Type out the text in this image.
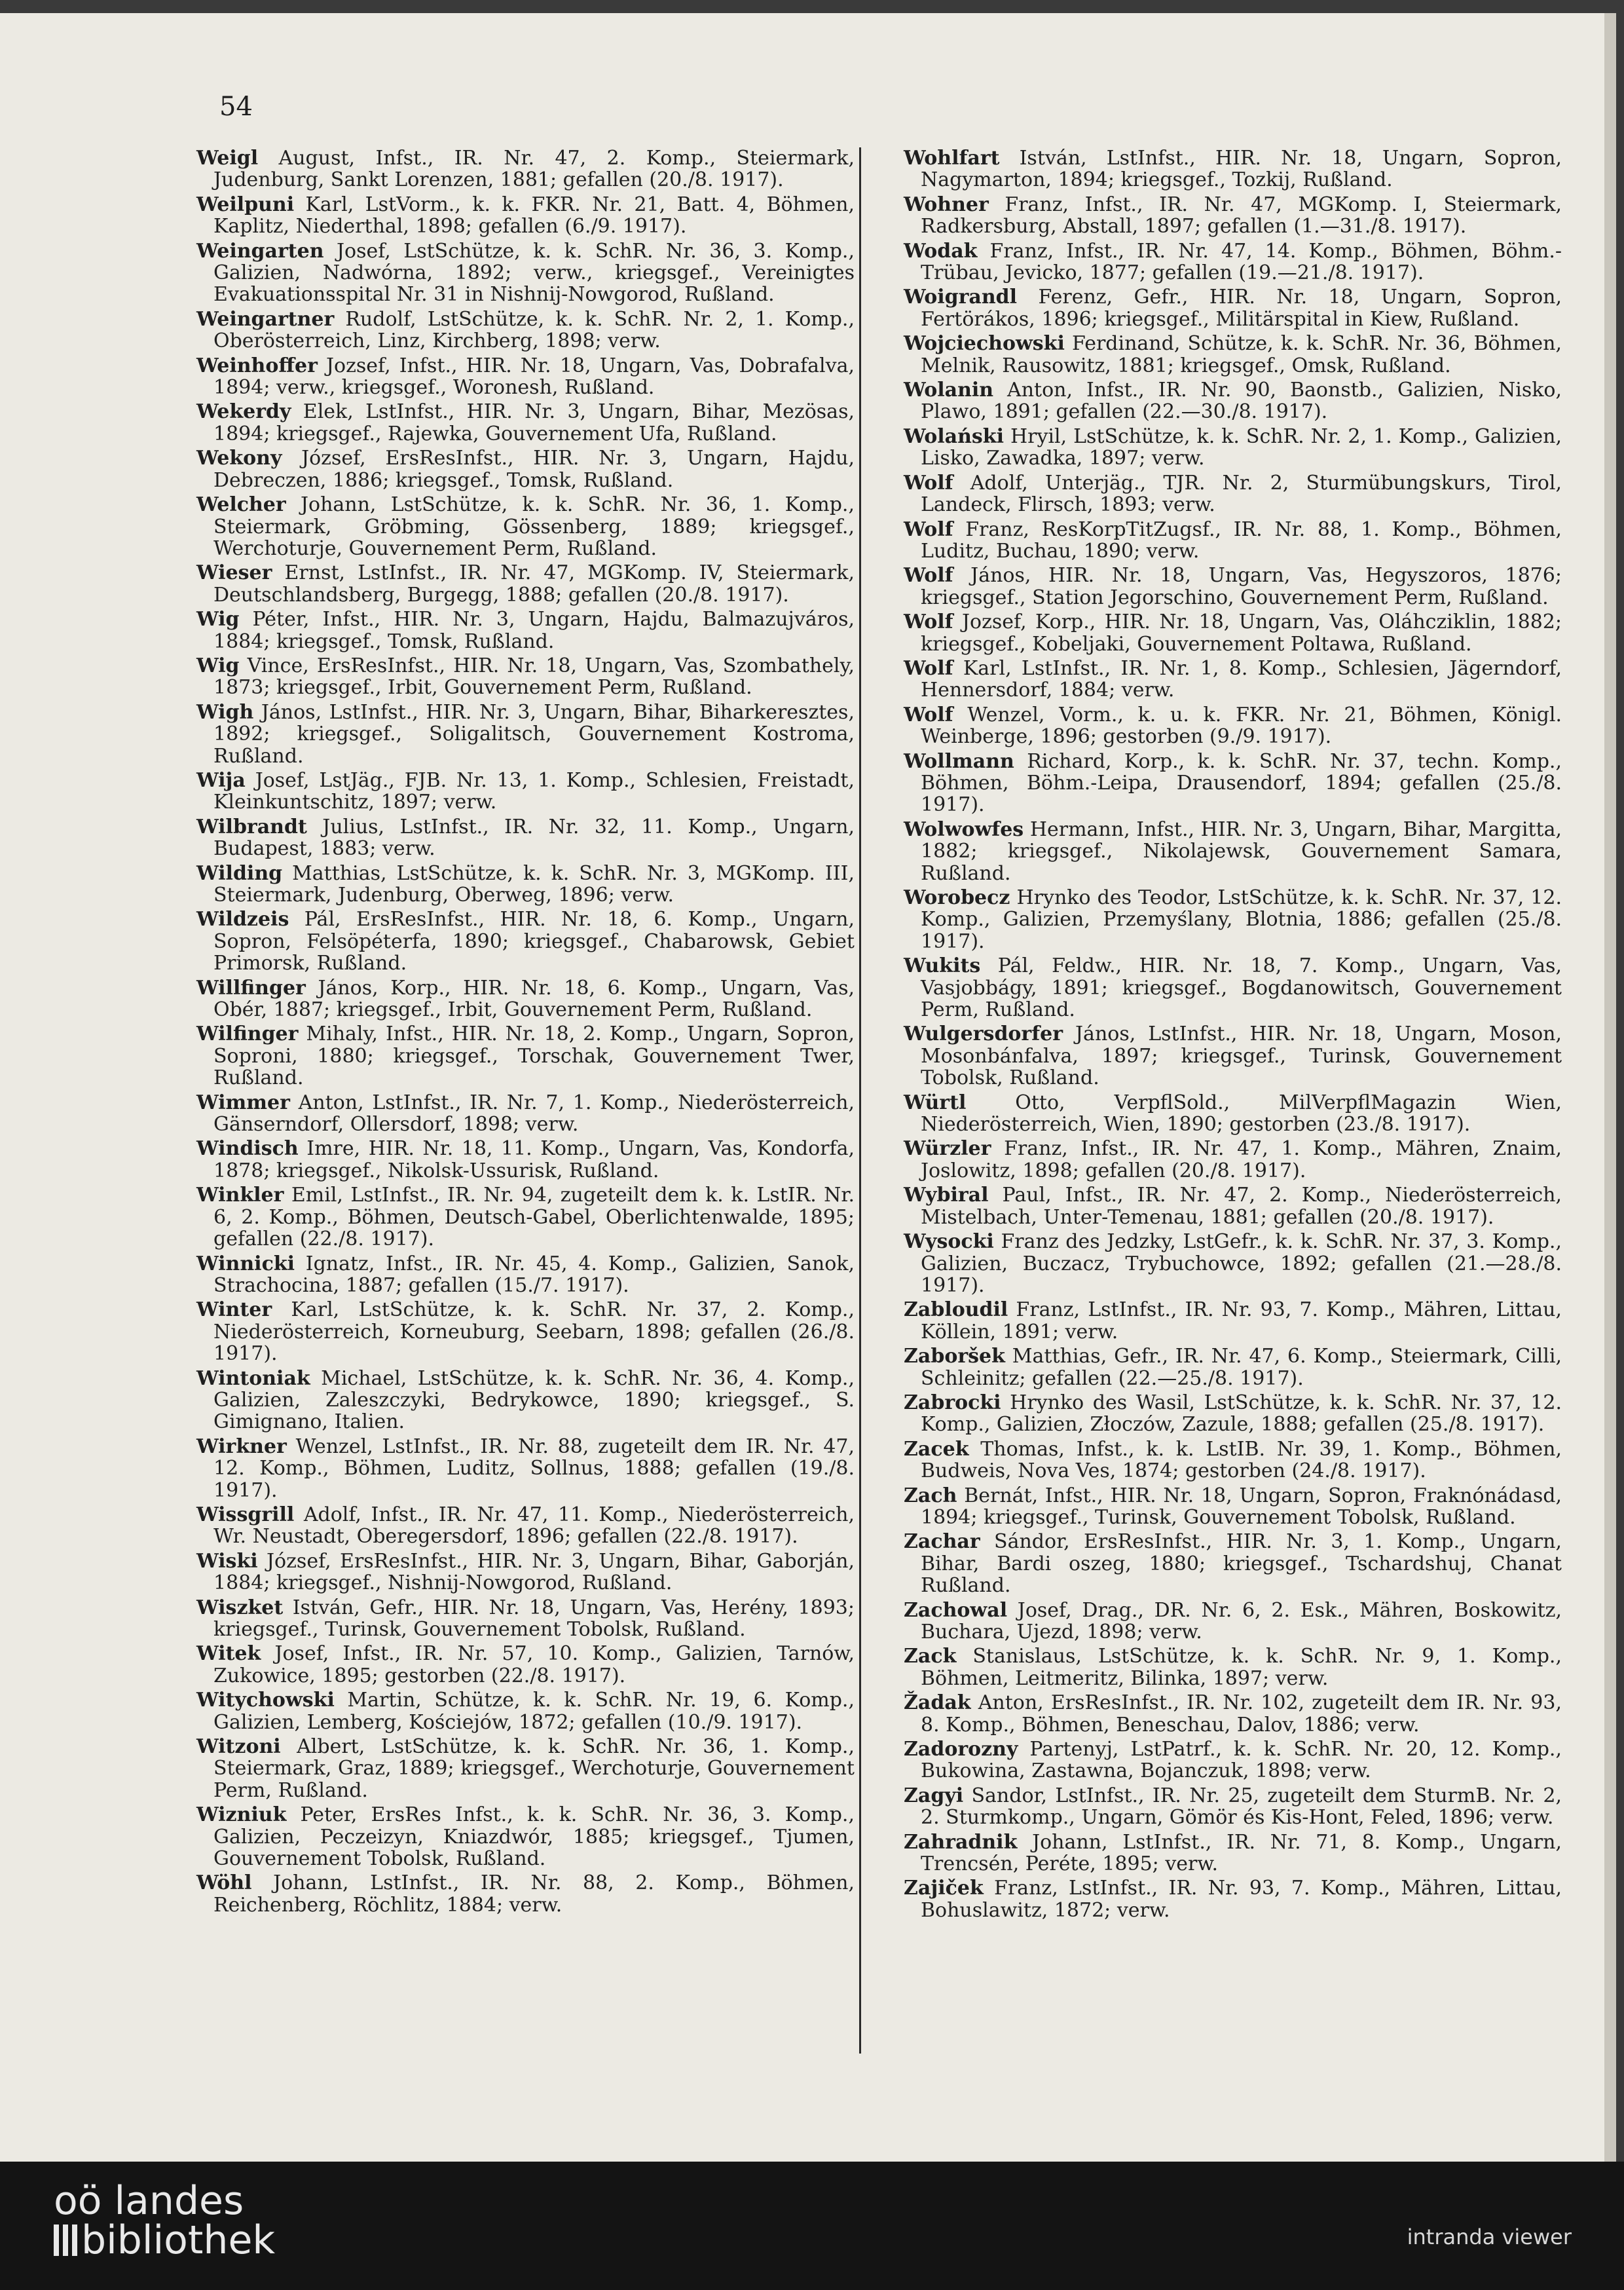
54

Weigl August, Infst., IR. Nr. 47, 2. Komp., Steiermark, Judenburg, Sankt Lorenzen, 1881; gefallen (20./8. 1917).

Weilpuni Karl, LstVorm., k. k. FKR. Nr. 21, Batt. 4, Böhmen, Kaplitz, Niederthal, 1898; gefallen (6./9. 1917).

Weingarten Josef, LstSchütze, k. k. SchR. Nr. 36, 3. Komp., Galizien, Nadwórna, 1892; verw., kriegsgef., Vereinigtes Evakuationsspital Nr. 31 in Nishnij-Nowgorod, Rußland.

Weingartner Rudolf, LstSchütze, k. k. SchR. Nr. 2, 1. Komp., Oberösterreich, Linz, Kirchberg, 1898; verw.

Weinhoffer Jozsef, Infst., HIR. Nr. 18, Ungarn, Vas, Dobrafalva, 1894; verw., kriegsgef., Woronesh, Rußland.

Wekerdy Elek, LstInfst., HIR. Nr. 3, Ungarn, Bihar, Mezösas, 1894; kriegsgef., Rajewka, Gouvernement Ufa, Rußland.

Wekony József, ErsResInfst., HIR. Nr. 3, Ungarn, Hajdu, Debreczen, 1886; kriegsgef., Tomsk, Rußland.

Welcher Johann, LstSchütze, k. k. SchR. Nr. 36, 1. Komp., Steiermark, Gröbming, Gössenberg, 1889; kriegsgef., Werchoturje, Gouvernement Perm, Rußland.

Wieser Ernst, LstInfst., IR. Nr. 47, MGKomp. IV, Steiermark, Deutschlandsberg, Burgegg, 1888; gefallen (20./8. 1917).

Wig Péter, Infst., HIR. Nr. 3, Ungarn, Hajdu, Balmazujváros, 1884; kriegsgef., Tomsk, Rußland.

Wig Vince, ErsResInfst., HIR. Nr. 18, Ungarn, Vas, Szombathely, 1873; kriegsgef., Irbit, Gouvernement Perm, Rußland.

Wigh János, LstInfst., HIR. Nr. 3, Ungarn, Bihar, Biharkeresztes, 1892; kriegsgef., Soligalitsch, Gouvernement Kostroma, Rußland.

Wija Josef, LstJäg., FJB. Nr. 13, 1. Komp., Schlesien, Freistadt, Kleinkuntschitz, 1897; verw.

Wilbrandt Julius, LstInfst., IR. Nr. 32, 11. Komp., Ungarn, Budapest, 1883; verw.

Wilding Matthias, LstSchütze, k. k. SchR. Nr. 3, MGKomp. III, Steiermark, Judenburg, Oberweg, 1896; verw.

Wildzeis Pál, ErsResInfst., HIR. Nr. 18, 6. Komp., Ungarn, Sopron, Felsöpéterfa, 1890; kriegsgef., Chabarowsk, Gebiet Primorsk, Rußland.

Willfinger János, Korp., HIR. Nr. 18, 6. Komp., Ungarn, Vas, Obér, 1887; kriegsgef., Irbit, Gouvernement Perm, Rußland.

Wilfinger Mihaly, Infst., HIR. Nr. 18, 2. Komp., Ungarn, Sopron, Soproni, 1880; kriegsgef., Torschak, Gouvernement Twer, Rußland.

Wimmer Anton, LstInfst., IR. Nr. 7, 1. Komp., Niederösterreich, Gänserndorf, Ollersdorf, 1898; verw.

Windisch Imre, HIR. Nr. 18, 11. Komp., Ungarn, Vas, Kondorfa, 1878; kriegsgef., Nikolsk-Ussurisk, Rußland.

Winkler Emil, LstInfst., IR. Nr. 94, zugeteilt dem k. k. LstIR. Nr. 6, 2. Komp., Böhmen, Deutsch-Gabel, Oberlichtenwalde, 1895; gefallen (22./8. 1917).

Winnicki Ignatz, Infst., IR. Nr. 45, 4. Komp., Galizien, Sanok, Strachocina, 1887; gefallen (15./7. 1917).

Winter Karl, LstSchütze, k. k. SchR. Nr. 37, 2. Komp., Niederösterreich, Korneuburg, Seebarn, 1898; gefallen (26./8. 1917).

Wintoniak Michael, LstSchütze, k. k. SchR. Nr. 36, 4. Komp., Galizien, Zaleszczyki, Bedrykowce, 1890; kriegsgef., S. Gimignano, Italien.

Wirkner Wenzel, LstInfst., IR. Nr. 88, zugeteilt dem IR. Nr. 47, 12. Komp., Böhmen, Luditz, Sollnus, 1888; gefallen (19./8. 1917).

Wissgrill Adolf, Infst., IR. Nr. 47, 11. Komp., Niederösterreich, Wr. Neustadt, Oberegersdorf, 1896; gefallen (22./8. 1917).

Wiski József, ErsResInfst., HIR. Nr. 3, Ungarn, Bihar, Gaborján, 1884; kriegsgef., Nishnij-Nowgorod, Rußland.

Wiszket István, Gefr., HIR. Nr. 18, Ungarn, Vas, Herény, 1893; kriegsgef., Turinsk, Gouvernement Tobolsk, Rußland.

Witek Josef, Infst., IR. Nr. 57, 10. Komp., Galizien, Tarnów, Zukowice, 1895; gestorben (22./8. 1917).

Witychowski Martin, Schütze, k. k. SchR. Nr. 19, 6. Komp., Galizien, Lemberg, Kościejów, 1872; gefallen (10./9. 1917).

Witzoni Albert, LstSchütze, k. k. SchR. Nr. 36, 1. Komp., Steiermark, Graz, 1889; kriegsgef., Werchoturje, Gouvernement Perm, Rußland.

Wizniuk Peter, ErsRes Infst., k. k. SchR. Nr. 36, 3. Komp., Galizien, Peczeizyn, Kniazdwór, 1885; kriegsgef., Tjumen, Gouvernement Tobolsk, Rußland.

Wöhl Johann, LstInfst., IR. Nr. 88, 2. Komp., Böhmen, Reichenberg, Röchlitz, 1884; verw.

Wohlfart István, LstInfst., HIR. Nr. 18, Ungarn, Sopron, Nagymarton, 1894; kriegsgef., Tozkij, Rußland.

Wohner Franz, Infst., IR. Nr. 47, MGKomp. I, Steiermark, Radkersburg, Abstall, 1897; gefallen (1.—31./8. 1917).

Wodak Franz, Infst., IR. Nr. 47, 14. Komp., Böhmen, Böhm.-Trübau, Jevicko, 1877; gefallen (19.—21./8. 1917).

Woigrandl Ferenz, Gefr., HIR. Nr. 18, Ungarn, Sopron, Fertörákos, 1896; kriegsgef., Militärspital in Kiew, Rußland.

Wojciechowski Ferdinand, Schütze, k. k. SchR. Nr. 36, Böhmen, Melnik, Rausowitz, 1881; kriegsgef., Omsk, Rußland.

Wolanin Anton, Infst., IR. Nr. 90, Baonstb., Galizien, Nisko, Plawo, 1891; gefallen (22.—30./8. 1917).

Wolański Hryil, LstSchütze, k. k. SchR. Nr. 2, 1. Komp., Galizien, Lisko, Zawadka, 1897; verw.

Wolf Adolf, Unterjäg., TJR. Nr. 2, Sturmübungskurs, Tirol, Landeck, Flirsch, 1893; verw.

Wolf Franz, ResKorpTitZugsf., IR. Nr. 88, 1. Komp., Böhmen, Luditz, Buchau, 1890; verw.

Wolf János, HIR. Nr. 18, Ungarn, Vas, Hegyszoros, 1876; kriegsgef., Station Jegorschino, Gouvernement Perm, Rußland.

Wolf Jozsef, Korp., HIR. Nr. 18, Ungarn, Vas, Oláhcziklin, 1882; kriegsgef., Kobeljaki, Gouvernement Poltawa, Rußland.

Wolf Karl, LstInfst., IR. Nr. 1, 8. Komp., Schlesien, Jägerndorf, Hennersdorf, 1884; verw.

Wolf Wenzel, Vorm., k. u. k. FKR. Nr. 21, Böhmen, Königl. Weinberge, 1896; gestorben (9./9. 1917).

Wollmann Richard, Korp., k. k. SchR. Nr. 37, techn. Komp., Böhmen, Böhm.-Leipa, Drausendorf, 1894; gefallen (25./8. 1917).

Wolwowfes Hermann, Infst., HIR. Nr. 3, Ungarn, Bihar, Margitta, 1882; kriegsgef., Nikolajewsk, Gouvernement Samara, Rußland.

Worobecz Hrynko des Teodor, LstSchütze, k. k. SchR. Nr. 37, 12. Komp., Galizien, Przemyślany, Blotnia, 1886; gefallen (25./8. 1917).

Wukits Pál, Feldw., HIR. Nr. 18, 7. Komp., Ungarn, Vas, Vasjobbágy, 1891; kriegsgef., Bogdanowitsch, Gouvernement Perm, Rußland.

Wulgersdorfer János, LstInfst., HIR. Nr. 18, Ungarn, Moson, Mosonbánfalva, 1897; kriegsgef., Turinsk, Gouvernement Tobolsk, Rußland.

Würtl Otto, VerpflSold., MilVerpflMagazin Wien, Niederösterreich, Wien, 1890; gestorben (23./8. 1917).

Würzler Franz, Infst., IR. Nr. 47, 1. Komp., Mähren, Znaim, Joslowitz, 1898; gefallen (20./8. 1917).

Wybiral Paul, Infst., IR. Nr. 47, 2. Komp., Niederösterreich, Mistelbach, Unter-Temenau, 1881; gefallen (20./8. 1917).

Wysocki Franz des Jedzky, LstGefr., k. k. SchR. Nr. 37, 3. Komp., Galizien, Buczacz, Trybuchowce, 1892; gefallen (21.—28./8. 1917).

Zabloudil Franz, LstInfst., IR. Nr. 93, 7. Komp., Mähren, Littau, Köllein, 1891; verw.

Zaboršek Matthias, Gefr., IR. Nr. 47, 6. Komp., Steiermark, Cilli, Schleinitz; gefallen (22.—25./8. 1917).

Zabrocki Hrynko des Wasil, LstSchütze, k. k. SchR. Nr. 37, 12. Komp., Galizien, Złoczów, Zazule, 1888; gefallen (25./8. 1917).

Zacek Thomas, Infst., k. k. LstIB. Nr. 39, 1. Komp., Böhmen, Budweis, Nova Ves, 1874; gestorben (24./8. 1917).

Zach Bernát, Infst., HIR. Nr. 18, Ungarn, Sopron, Fraknónádasd, 1894; kriegsgef., Turinsk, Gouvernement Tobolsk, Rußland.

Zachar Sándor, ErsResInfst., HIR. Nr. 3, 1. Komp., Ungarn, Bihar, Bardi oszeg, 1880; kriegsgef., Tschardshuj, Chanat Rußland.

Zachowal Josef, Drag., DR. Nr. 6, 2. Esk., Mähren, Boskowitz, Buchara, Ujezd, 1898; verw.

Zack Stanislaus, LstSchütze, k. k. SchR. Nr. 9, 1. Komp., Böhmen, Leitmeritz, Bilinka, 1897; verw.

Žadak Anton, ErsResInfst., IR. Nr. 102, zugeteilt dem IR. Nr. 93, 8. Komp., Böhmen, Beneschau, Dalov, 1886; verw.

Zadorozny Partenyj, LstPatrf., k. k. SchR. Nr. 20, 12. Komp., Bukowina, Zastawna, Bojanczuk, 1898; verw.

Zagyi Sandor, LstInfst., IR. Nr. 25, zugeteilt dem SturmB. Nr. 2, 2. Sturmkomp., Ungarn, Gömör és Kis-Hont, Feled, 1896; verw.

Zahradnik Johann, LstInfst., IR. Nr. 71, 8. Komp., Ungarn, Trencsén, Peréte, 1895; verw.

Zajiček Franz, LstInfst., IR. Nr. 93, 7. Komp., Mähren, Littau, Bohuslawitz, 1872; verw.

oö landes
bibliothek	intranda viewer
